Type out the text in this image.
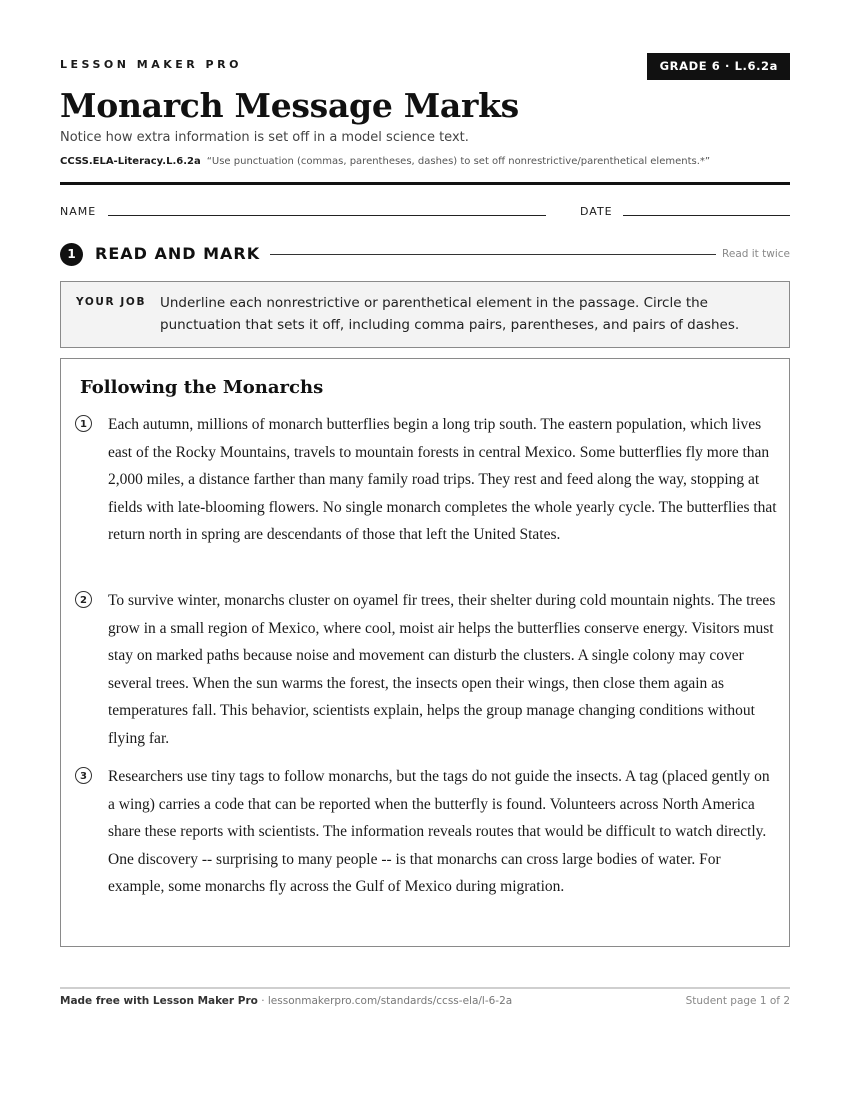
LESSON MAKER PRO	GRADE 6 · L.6.2a
Monarch Message Marks
Notice how extra information is set off in a model science text.
CCSS.ELA-Literacy.L.6.2a “Use punctuation (commas, parentheses, dashes) to set off nonrestrictive/parenthetical elements.*”
NAME	DATE
1	READ AND MARK	Read it twice
YOUR JOB Underline each nonrestrictive or parenthetical element in the passage. Circle the punctuation that sets it off, including comma pairs, parentheses, and pairs of dashes.
Following the Monarchs
1	Each autumn, millions of monarch butterflies begin a long trip south. The eastern population, which lives east of the Rocky Mountains, travels to mountain forests in central Mexico. Some butterflies fly more than 2,000 miles, a distance farther than many family road trips. They rest and feed along the way, stopping at fields with late-blooming flowers. No single monarch completes the whole yearly cycle. The butterflies that return north in spring are descendants of those that left the United States.

2	To survive winter, monarchs cluster on oyamel fir trees, their shelter during cold mountain nights. The trees grow in a small region of Mexico, where cool, moist air helps the butterflies conserve energy. Visitors must stay on marked paths because noise and movement can disturb the clusters. A single colony may cover several trees. When the sun warms the forest, the insects open their wings, then close them again as temperatures fall. This behavior, scientists explain, helps the group manage changing conditions without flying far.

3	Researchers use tiny tags to follow monarchs, but the tags do not guide the insects. A tag (placed gently on a wing) carries a code that can be reported when the butterfly is found. Volunteers across North America share these reports with scientists. The information reveals routes that would be difficult to watch directly. One discovery -- surprising to many people -- is that monarchs can cross large bodies of water. For example, some monarchs fly across the Gulf of Mexico during migration.

Made free with Lesson Maker Pro · lessonmakerpro.com/standards/ccss-ela/l-6-2a	Student page 1 of 2
